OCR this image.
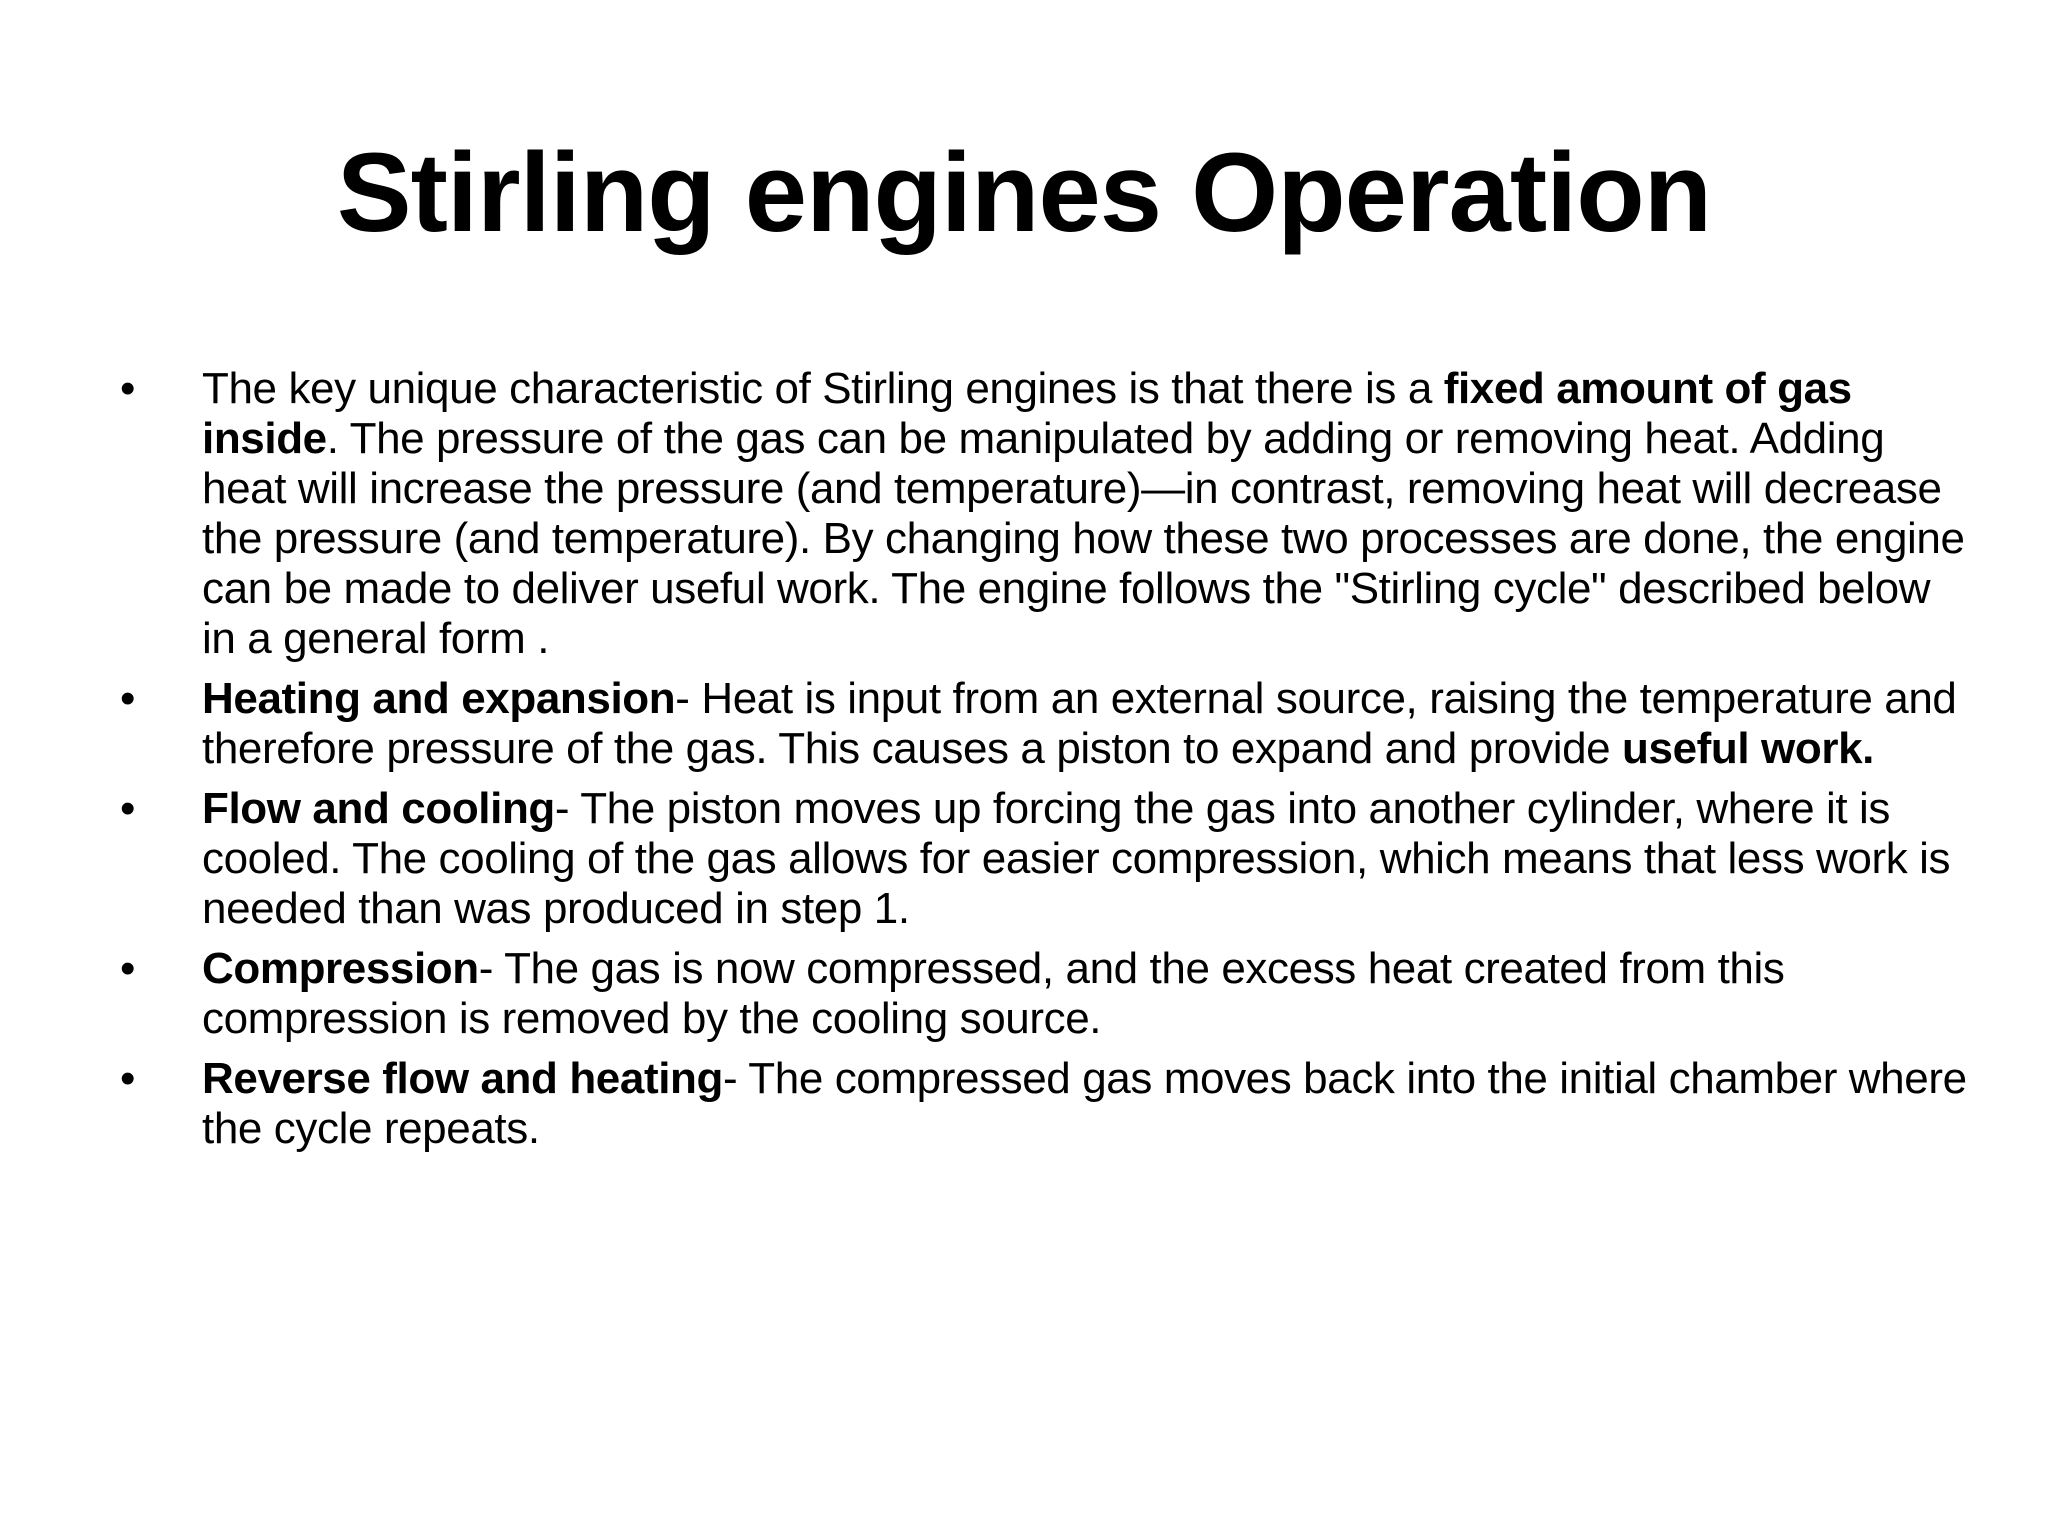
Stirling engines Operation
•	The key unique characteristic of Stirling engines is that there is a fixed amount of gas inside. The pressure of the gas can be manipulated by adding or removing heat. Adding heat will increase the pressure (and temperature)—in contrast, removing heat will decrease the pressure (and temperature). By changing how these two processes are done, the engine can be made to deliver useful work. The engine follows the "Stirling cycle" described below in a general form .
•	Heating and expansion- Heat is input from an external source, raising the temperature and therefore pressure of the gas. This causes a piston to expand and provide useful work.
•	Flow and cooling- The piston moves up forcing the gas into another cylinder, where it is cooled. The cooling of the gas allows for easier compression, which means that less work is needed than was produced in step 1.
•	Compression- The gas is now compressed, and the excess heat created from this compression is removed by the cooling source.
•	Reverse flow and heating- The compressed gas moves back into the initial chamber where the cycle repeats.
